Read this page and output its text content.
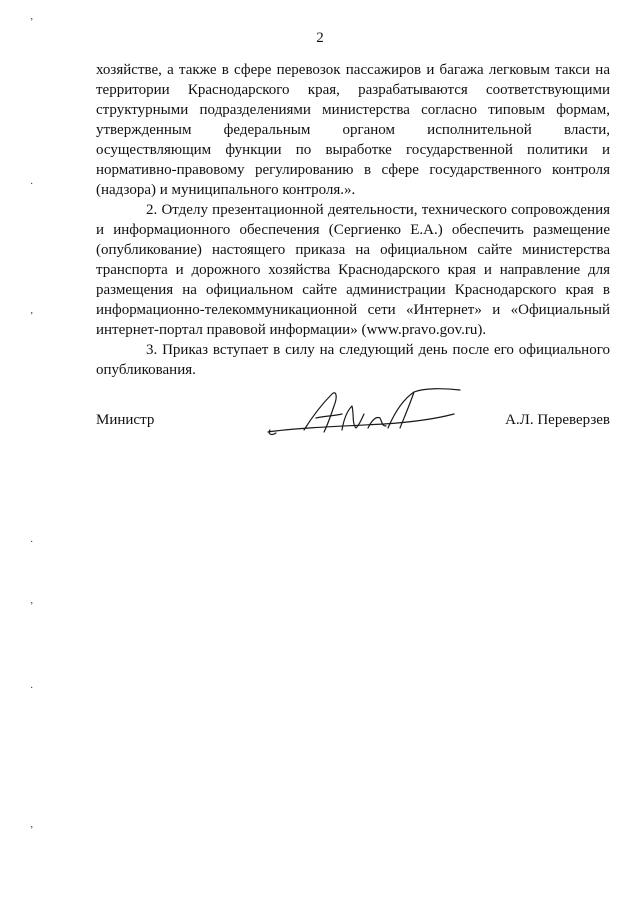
2

хозяйстве, а также в сфере перевозок пассажиров и багажа легковым такси на территории Краснодарского края, разрабатываются соответствующими структурными подразделениями министерства согласно типовым формам, утвержденным федеральным органом исполнительной власти, осуществляющим функции по выработке государственной политики и нормативно-правовому регулированию в сфере государственного контроля (надзора) и муниципального контроля.».

2. Отделу презентационной деятельности, технического сопровождения и информационного обеспечения (Сергиенко Е.А.) обеспечить размещение (опубликование) настоящего приказа на официальном сайте министерства транспорта и дорожного хозяйства Краснодарского края и направление для размещения на официальном сайте администрации Краснодарского края в информационно-телекоммуникационной сети «Интернет» и «Официальный интернет-портал правовой информации» (www.pravo.gov.ru).

3. Приказ вступает в силу на следующий день после его официального опубликования.

Министр	А.Л. Переверзев
ʼ
·
ʼ
·
ʼ
·
ʼ
